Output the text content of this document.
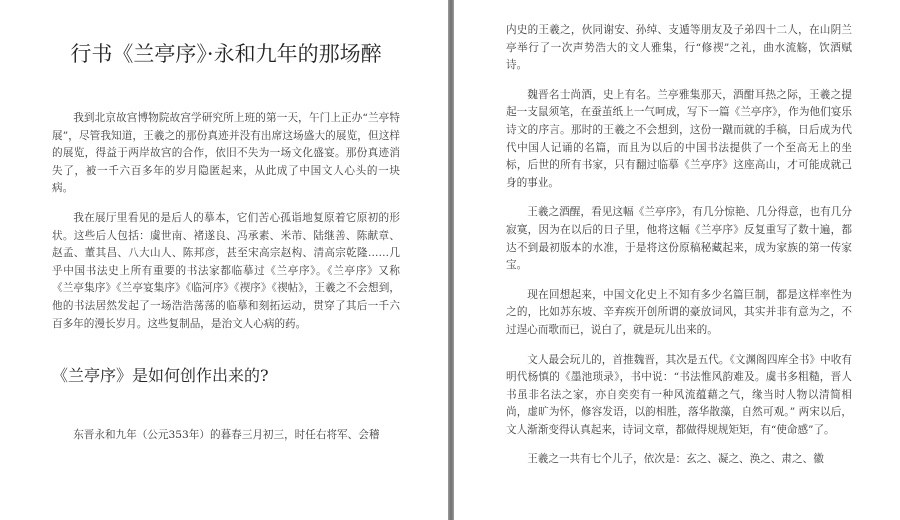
行书《兰亭序》·永和九年的那场醉

我到北京故宫博物院故宫学研究所上班的第一天，午门上正办“兰亭特展”，尽管我知道，王羲之的那份真迹并没有出席这场盛大的展览，但这样的展览，得益于两岸故宫的合作，依旧不失为一场文化盛宴。那份真迹消失了，被一千六百多年的岁月隐匿起来，从此成了中国文人心头的一块病。

我在展厅里看见的是后人的摹本，它们苦心孤诣地复原着它原初的形状。这些后人包括：虞世南、褚遂良、冯承素、米芾、陆继善、陈献章、赵孟、董其昌、八大山人、陈邦彦，甚至宋高宗赵构、清高宗乾隆……几乎中国书法史上所有重要的书法家都临摹过《兰亭序》。《兰亭序》又称《兰亭集序》《兰亭宴集序》《临河序》《禊序》《禊帖》，王羲之不会想到，他的书法居然发起了一场浩浩荡荡的临摹和刻拓运动，贯穿了其后一千六百多年的漫长岁月。这些复制品，是治文人心病的药。

《兰亭序》是如何创作出来的?

东晋永和九年（公元353年）的暮春三月初三，时任右将军、会稽

内史的王羲之，伙同谢安、孙绰、支遁等朋友及子弟四十二人，在山阴兰亭举行了一次声势浩大的文人雅集，行“修禊”之礼，曲水流觞，饮酒赋诗。

魏晋名士尚酒，史上有名。兰亭雅集那天，酒酣耳热之际，王羲之提起一支鼠须笔，在蚕茧纸上一气呵成，写下一篇《兰亭序》，作为他们宴乐诗文的序言。那时的王羲之不会想到，这份一蹴而就的手稿，日后成为代代中国人记诵的名篇，而且为以后的中国书法提供了一个至高无上的坐标，后世的所有书家，只有翻过临摹《兰亭序》这座高山，才可能成就己身的事业。

王羲之酒醒，看见这幅《兰亭序》，有几分惊艳、几分得意，也有几分寂寞，因为在以后的日子里，他将这幅《兰亭序》反复重写了数十遍，都达不到最初版本的水准，于是将这份原稿秘藏起来，成为家族的第一传家宝。

现在回想起来，中国文化史上不知有多少名篇巨制，都是这样率性为之的，比如苏东坡、辛弃疾开创所谓的豪放词风，其实并非有意为之，不过逞心而歌而已，说白了，就是玩儿出来的。

文人最会玩儿的，首推魏晋，其次是五代。《文渊阁四库全书》中收有明代杨慎的《墨池琐录》，书中说：“书法惟风韵难及。虞书多粗糙，晋人书虽非名法之家，亦自奕奕有一种风流蕴藉之气，缘当时人物以清简相尚，虚旷为怀，修容发语，以韵相胜，落华散藻，自然可观。” 两宋以后，文人渐渐变得认真起来，诗词文章，都做得规规矩矩，有“使命感”了。

王羲之一共有七个儿子，依次是：玄之、凝之、涣之、肃之、徽
